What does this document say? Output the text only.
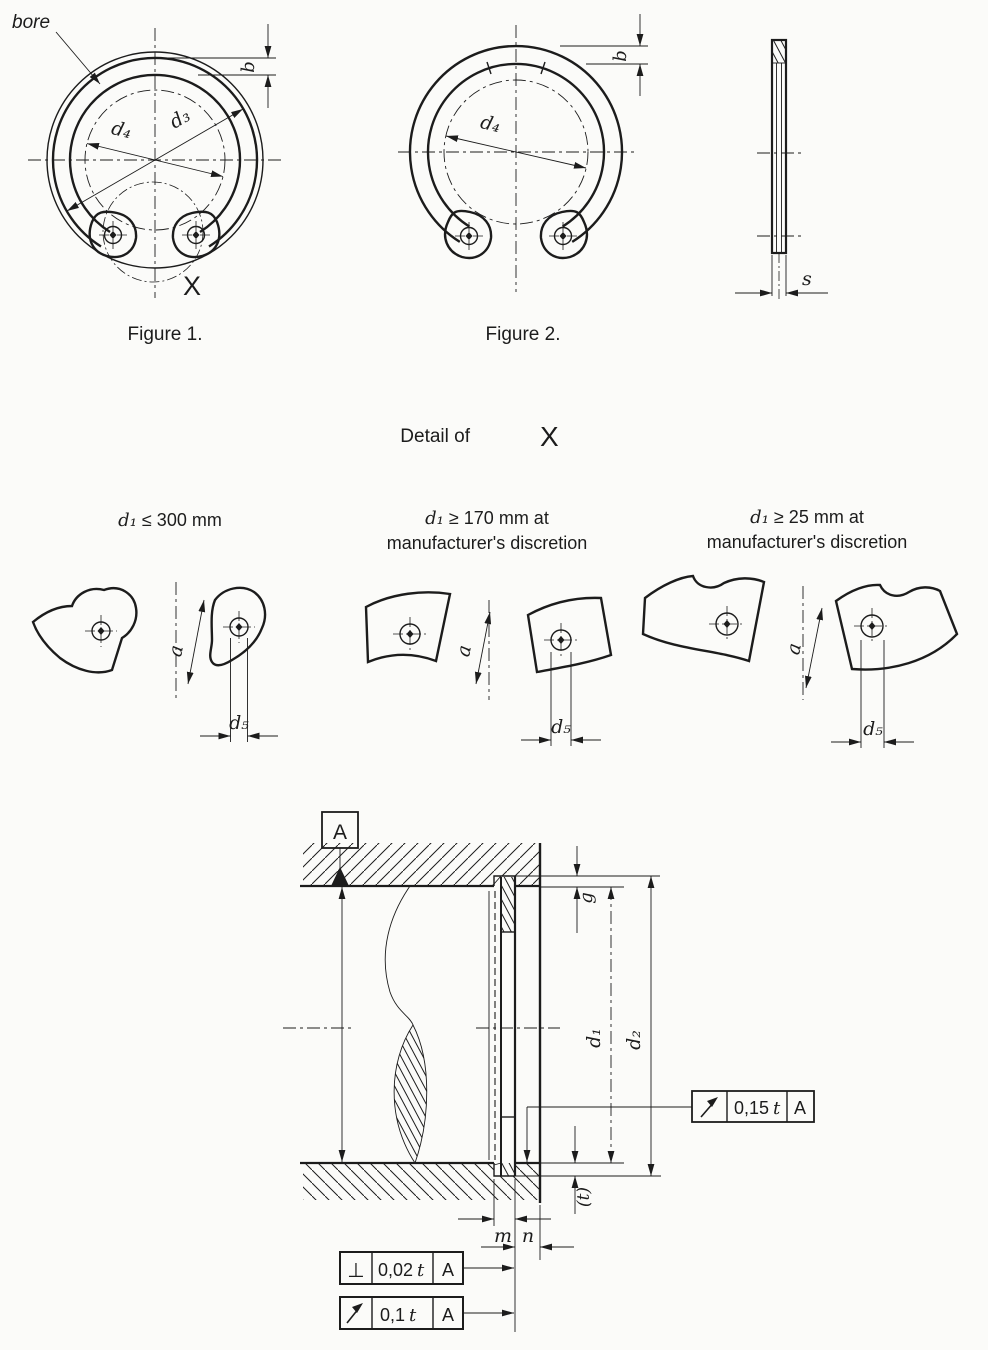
bore
b
d₃
d₄
X
Figure 1.
b
d₄
Figure 2.
s
Detail of	X
d₁ ≤ 300 mm	d₁ ≥ 170 mm at
manufacturer's discretion
d₁ ≥ 25 mm at
manufacturer's discretion
a
d₅
a
d₅
a
d₅
A
g
d₁ d₂
(t)
0,15 t A
m n
⊥ 0,02 t A
0,1 t A
